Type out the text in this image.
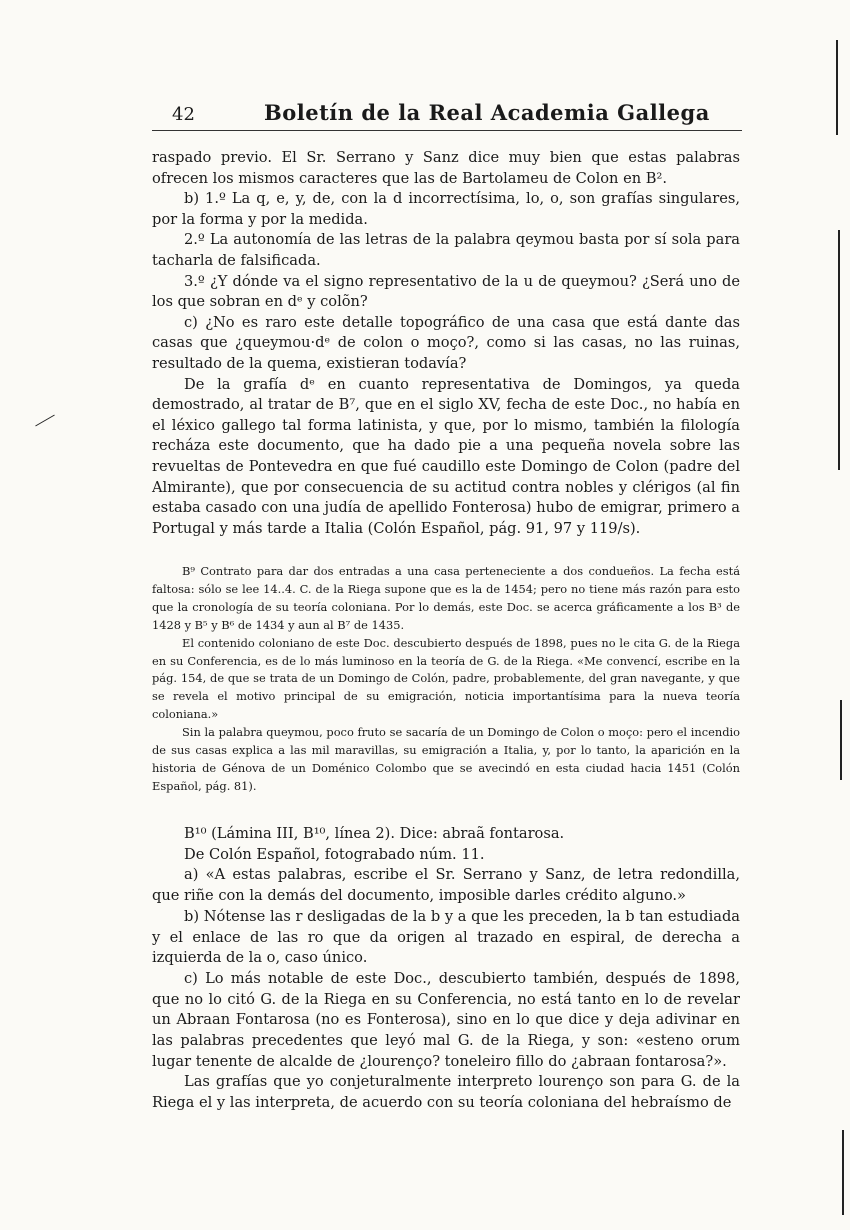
42	Boletín de la Real Academia Gallega

raspado previo. El Sr. Serrano y Sanz dice muy bien que estas palabras ofrecen los mismos caracteres que las de Bartolameu de Colon en B².

b) 1.º La q, e, y, de, con la d incorrectísima, lo, o, son grafías singulares, por la forma y por la medida.

2.º La autonomía de las letras de la palabra qeymou basta por sí sola para tacharla de falsificada.

3.º ¿Y dónde va el signo representativo de la u de queymou? ¿Será uno de los que sobran en dᵉ y colõn?

c) ¿No es raro este detalle topográfico de una casa que está dante das casas que ¿queymou·dᵉ de colon o moço?, como si las casas, no las ruinas, resultado de la quema, existieran todavía?

De la grafía dᵉ en cuanto representativa de Domingos, ya queda demostrado, al tratar de B⁷, que en el siglo XV, fecha de este Doc., no había en el léxico gallego tal forma latinista, y que, por lo mismo, también la filología recházа este documento, que ha dado pie a una pequeña novela sobre las revueltas de Pontevedra en que fué caudillo este Domingo de Colon (padre del Almirante), que por consecuencia de su actitud contra nobles y clérigos (al fin estaba casado con una judía de apellido Fonterosa) hubo de emigrar, primero a Portugal y más tarde a Italia (Colón Español, pág. 91, 97 y 119/s).

B⁹ Contrato para dar dos entradas a una casa perteneciente a dos condueños. La fecha está faltosa: sólo se lee 14..4. C. de la Riega supone que es la de 1454; pero no tiene más razón para esto que la cronología de su teoría coloniana. Por lo demás, este Doc. se acerca gráficamente a los B³ de 1428 y B⁵ y B⁶ de 1434 y aun al B⁷ de 1435.

El contenido coloniano de este Doc. descubierto después de 1898, pues no le cita G. de la Riega en su Conferencia, es de lo más luminoso en la teoría de G. de la Riega. «Me convencí, escribe en la pág. 154, de que se trata de un Domingo de Colón, padre, probablemente, del gran navegante, y que se revela el motivo principal de su emigración, noticia importantísima para la nueva teoría coloniana.»

Sin la palabra queymou, poco fruto se sacaría de un Domingo de Colon o moço: pero el incendio de sus casas explica a las mil maravillas, su emigración a Italia, y, por lo tanto, la aparición en la historia de Génova de un Doménico Colombo que se avecindó en esta ciudad hacia 1451 (Colón Español, pág. 81).

B¹⁰ (Lámina III, B¹⁰, línea 2). Dice: abraã fontarosa.

De Colón Español, fotograbado núm. 11.

a) «A estas palabras, escribe el Sr. Serrano y Sanz, de letra redondilla, que riñe con la demás del documento, imposible darles crédito alguno.»

b) Nótense las r desligadas de la b y a que les preceden, la b tan estudiada y el enlace de las ro que da origen al trazado en espiral, de derecha a izquierda de la o, caso único.

c) Lo más notable de este Doc., descubierto también, después de 1898, que no lo citó G. de la Riega en su Conferencia, no está tanto en lo de revelar un Abraan Fontarosa (no es Fonterosa), sino en lo que dice y deja adivinar en las palabras precedentes que leyó mal G. de la Riega, y son: «esteno orum lugar tenente de alcalde de ¿lourenço? toneleiro fillo do ¿abraan fontarosa?».

Las grafías que yo conjeturalmente interpreto lourenço son para G. de la Riega el y las interpreta, de acuerdo con su teoría coloniana del hebraísmo de
